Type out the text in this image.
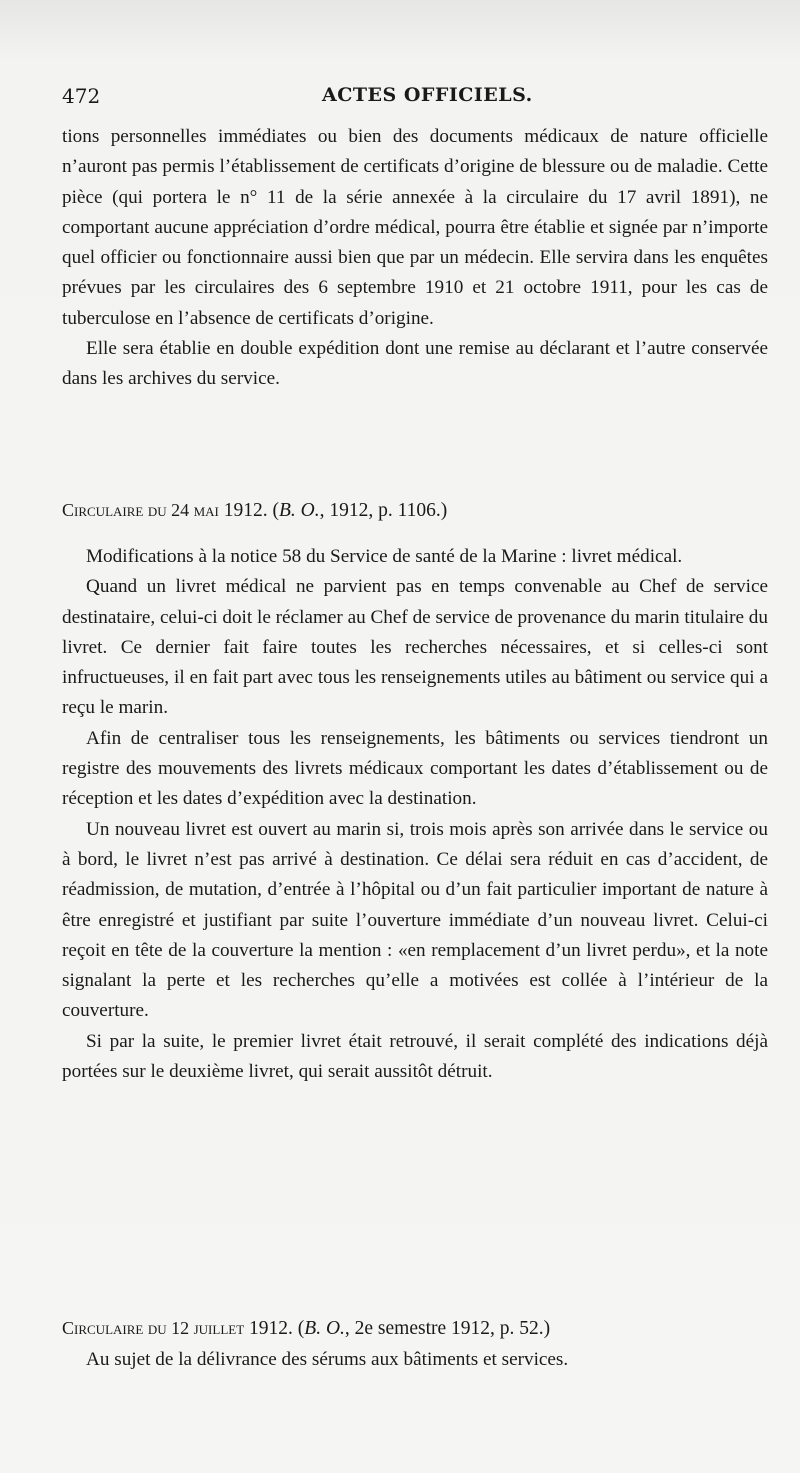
472	ACTES OFFICIELS.

tions personnelles immédiates ou bien des documents médicaux de nature officielle n’auront pas permis l’établissement de certificats d’origine de blessure ou de maladie. Cette pièce (qui portera le n° 11 de la série annexée à la circulaire du 17 avril 1891), ne comportant aucune appréciation d’ordre médical, pourra être établie et signée par n’importe quel officier ou fonctionnaire aussi bien que par un médecin. Elle servira dans les enquêtes prévues par les circulaires des 6 septembre 1910 et 21 octobre 1911, pour les cas de tuberculose en l’absence de certificats d’origine.

Elle sera établie en double expédition dont une remise au déclarant et l’autre conservée dans les archives du service.

Circulaire du 24 mai 1912. (B. O., 1912, p. 1106.)

Modifications à la notice 58 du Service de santé de la Marine : livret médical.

Quand un livret médical ne parvient pas en temps convenable au Chef de service destinataire, celui-ci doit le réclamer au Chef de service de provenance du marin titulaire du livret. Ce dernier fait faire toutes les recherches nécessaires, et si celles-ci sont infructueuses, il en fait part avec tous les renseignements utiles au bâtiment ou service qui a reçu le marin.

Afin de centraliser tous les renseignements, les bâtiments ou services tiendront un registre des mouvements des livrets médicaux comportant les dates d’établissement ou de réception et les dates d’expédition avec la destination.

Un nouveau livret est ouvert au marin si, trois mois après son arrivée dans le service ou à bord, le livret n’est pas arrivé à destination. Ce délai sera réduit en cas d’accident, de réadmission, de mutation, d’entrée à l’hôpital ou d’un fait particulier important de nature à être enregistré et justifiant par suite l’ouverture immédiate d’un nouveau livret. Celui-ci reçoit en tête de la couverture la mention : «en remplacement d’un livret perdu», et la note signalant la perte et les recherches qu’elle a motivées est collée à l’intérieur de la couverture.

Si par la suite, le premier livret était retrouvé, il serait complété des indications déjà portées sur le deuxième livret, qui serait aussitôt détruit.

Circulaire du 12 juillet 1912. (B. O., 2e semestre 1912, p. 52.)

Au sujet de la délivrance des sérums aux bâtiments et services.
